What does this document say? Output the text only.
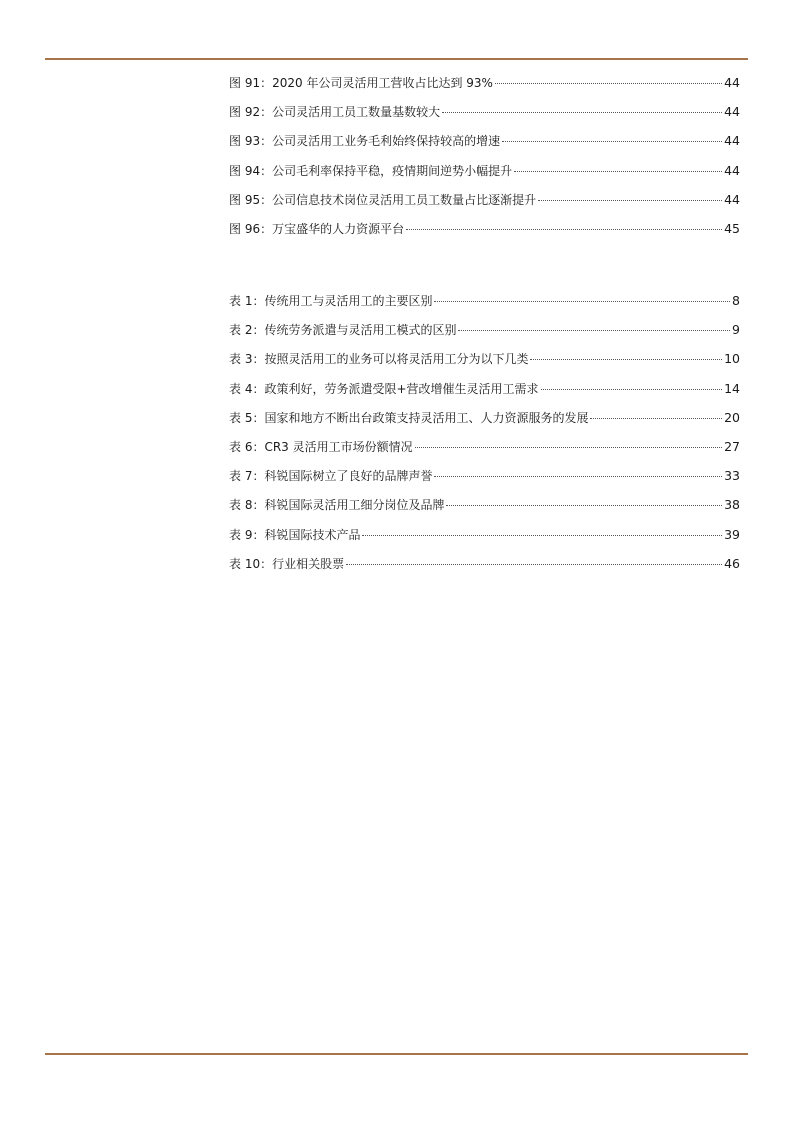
图 91：2020 年公司灵活用工营收占比达到 93%	44
图 92：公司灵活用工员工数量基数较大	44
图 93：公司灵活用工业务毛利始终保持较高的增速	44
图 94：公司毛利率保持平稳，疫情期间逆势小幅提升	44
图 95：公司信息技术岗位灵活用工员工数量占比逐渐提升	44
图 96：万宝盛华的人力资源平台	45
表 1：传统用工与灵活用工的主要区别	8
表 2：传统劳务派遣与灵活用工模式的区别	9
表 3：按照灵活用工的业务可以将灵活用工分为以下几类	10
表 4：政策利好，劳务派遣受限+营改增催生灵活用工需求	14
表 5：国家和地方不断出台政策支持灵活用工、人力资源服务的发展	20
表 6：CR3 灵活用工市场份额情况	27
表 7：科锐国际树立了良好的品牌声誉	33
表 8：科锐国际灵活用工细分岗位及品牌	38
表 9：科锐国际技术产品	39
表 10：行业相关股票	46
